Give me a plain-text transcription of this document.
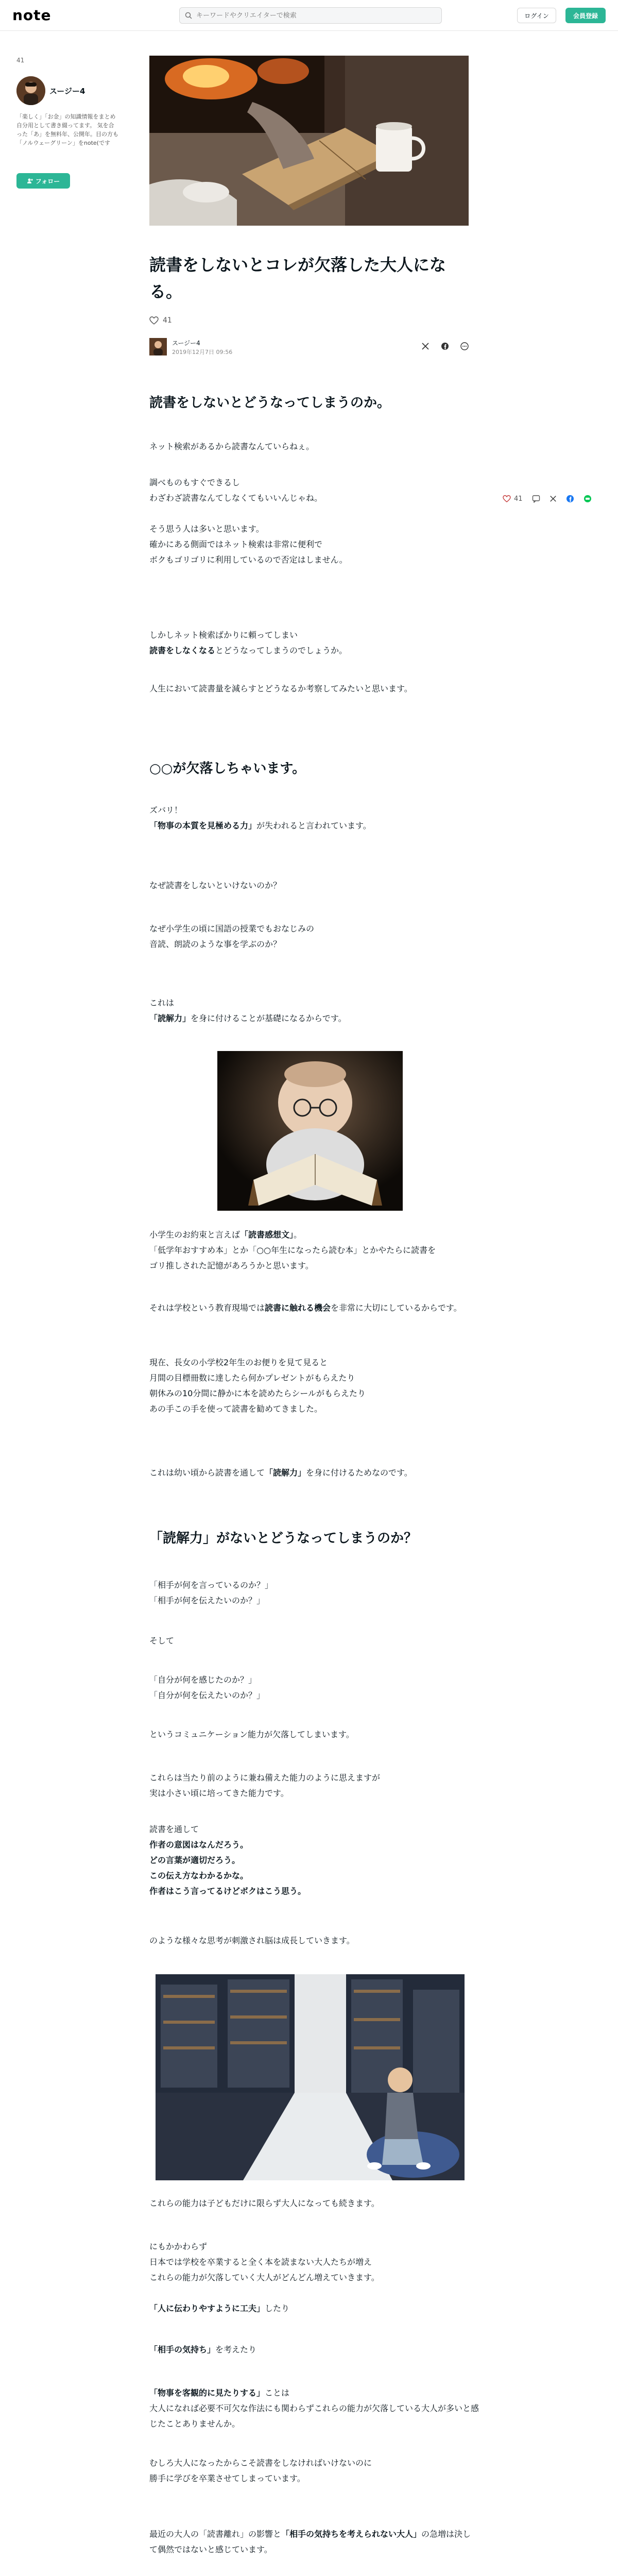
note
キーワードやクリエイターで検索	ログイン	会員登録
41
スージー4
「楽しく」「お金」の知識情報をまとめ自分用として書き綴ってます。 気を合った「あ」を無料年、公開年。目の方も「ノルウェーグリーン」をnote(です
フォロー
読書をしないとコレが欠落した大人になる。
41
スージー4
2019年12月7日 09:56
41
読書をしないとどうなってしまうのか。

ネット検索があるから読書なんていらねぇ。

調べものもすぐできるし
わざわざ読書なんてしなくてもいいんじゃね。

そう思う人は多いと思います。
確かにある側面ではネット検索は非常に便利で
ボクもゴリゴリに利用しているので否定はしません。

しかしネット検索ばかりに頼ってしまい
読書をしなくなるとどうなってしまうのでしょうか。

人生において読書量を減らすとどうなるか考察してみたいと思います。

○○が欠落しちゃいます。

ズバリ！
「物事の本質を見極める力」が失われると言われています。

なぜ読書をしないといけないのか？

なぜ小学生の頃に国語の授業でもおなじみの
音読、朗読のような事を学ぶのか？

これは
「読解力」を身に付けることが基礎になるからです。

小学生のお約束と言えば「読書感想文」。
「低学年おすすめ本」とか「○○年生になったら読む本」とかやたらに読書を
ゴリ推しされた記憶があろうかと思います。

それは学校という教育現場では読書に触れる機会を非常に大切にしているからです。

現在、長女の小学校2年生のお便りを見て見ると
月間の目標冊数に達したら何かプレゼントがもらえたり
朝休みの10分間に静かに本を読めたらシールがもらえたり
あの手この手を使って読書を勧めてきました。

これは幼い頃から読書を通して「読解力」を身に付けるためなのです。

「読解力」がないとどうなってしまうのか？

「相手が何を言っているのか？」
「相手が何を伝えたいのか？」

そして

「自分が何を感じたのか？」
「自分が何を伝えたいのか？」

というコミュニケーション能力が欠落してしまいます。

これらは当たり前のように兼ね備えた能力のように思えますが
実は小さい頃に培ってきた能力です。

読書を通して
作者の意図はなんだろう。
どの言葉が適切だろう。
この伝え方なわかるかな。
作者はこう言ってるけどボクはこう思う。

のような様々な思考が刺激され脳は成長していきます。

これらの能力は子どもだけに限らず大人になっても続きます。

にもかかわらず
日本では学校を卒業すると全く本を読まない大人たちが増え
これらの能力が欠落していく大人がどんどん増えていきます。

「人に伝わりやすように工夫」したり

「相手の気持ち」を考えたり

「物事を客観的に見たりする」ことは
大人になれば必要不可欠な作法にも関わらずこれらの能力が欠落している大人が多いと感じたことありませんか。

むしろ大人になったからこそ読書をしなければいけないのに
勝手に学びを卒業させてしまっています。

最近の大人の「読書離れ」の影響と「相手の気持ちを考えられない大人」の急増は決して偶然ではないと感じています。
